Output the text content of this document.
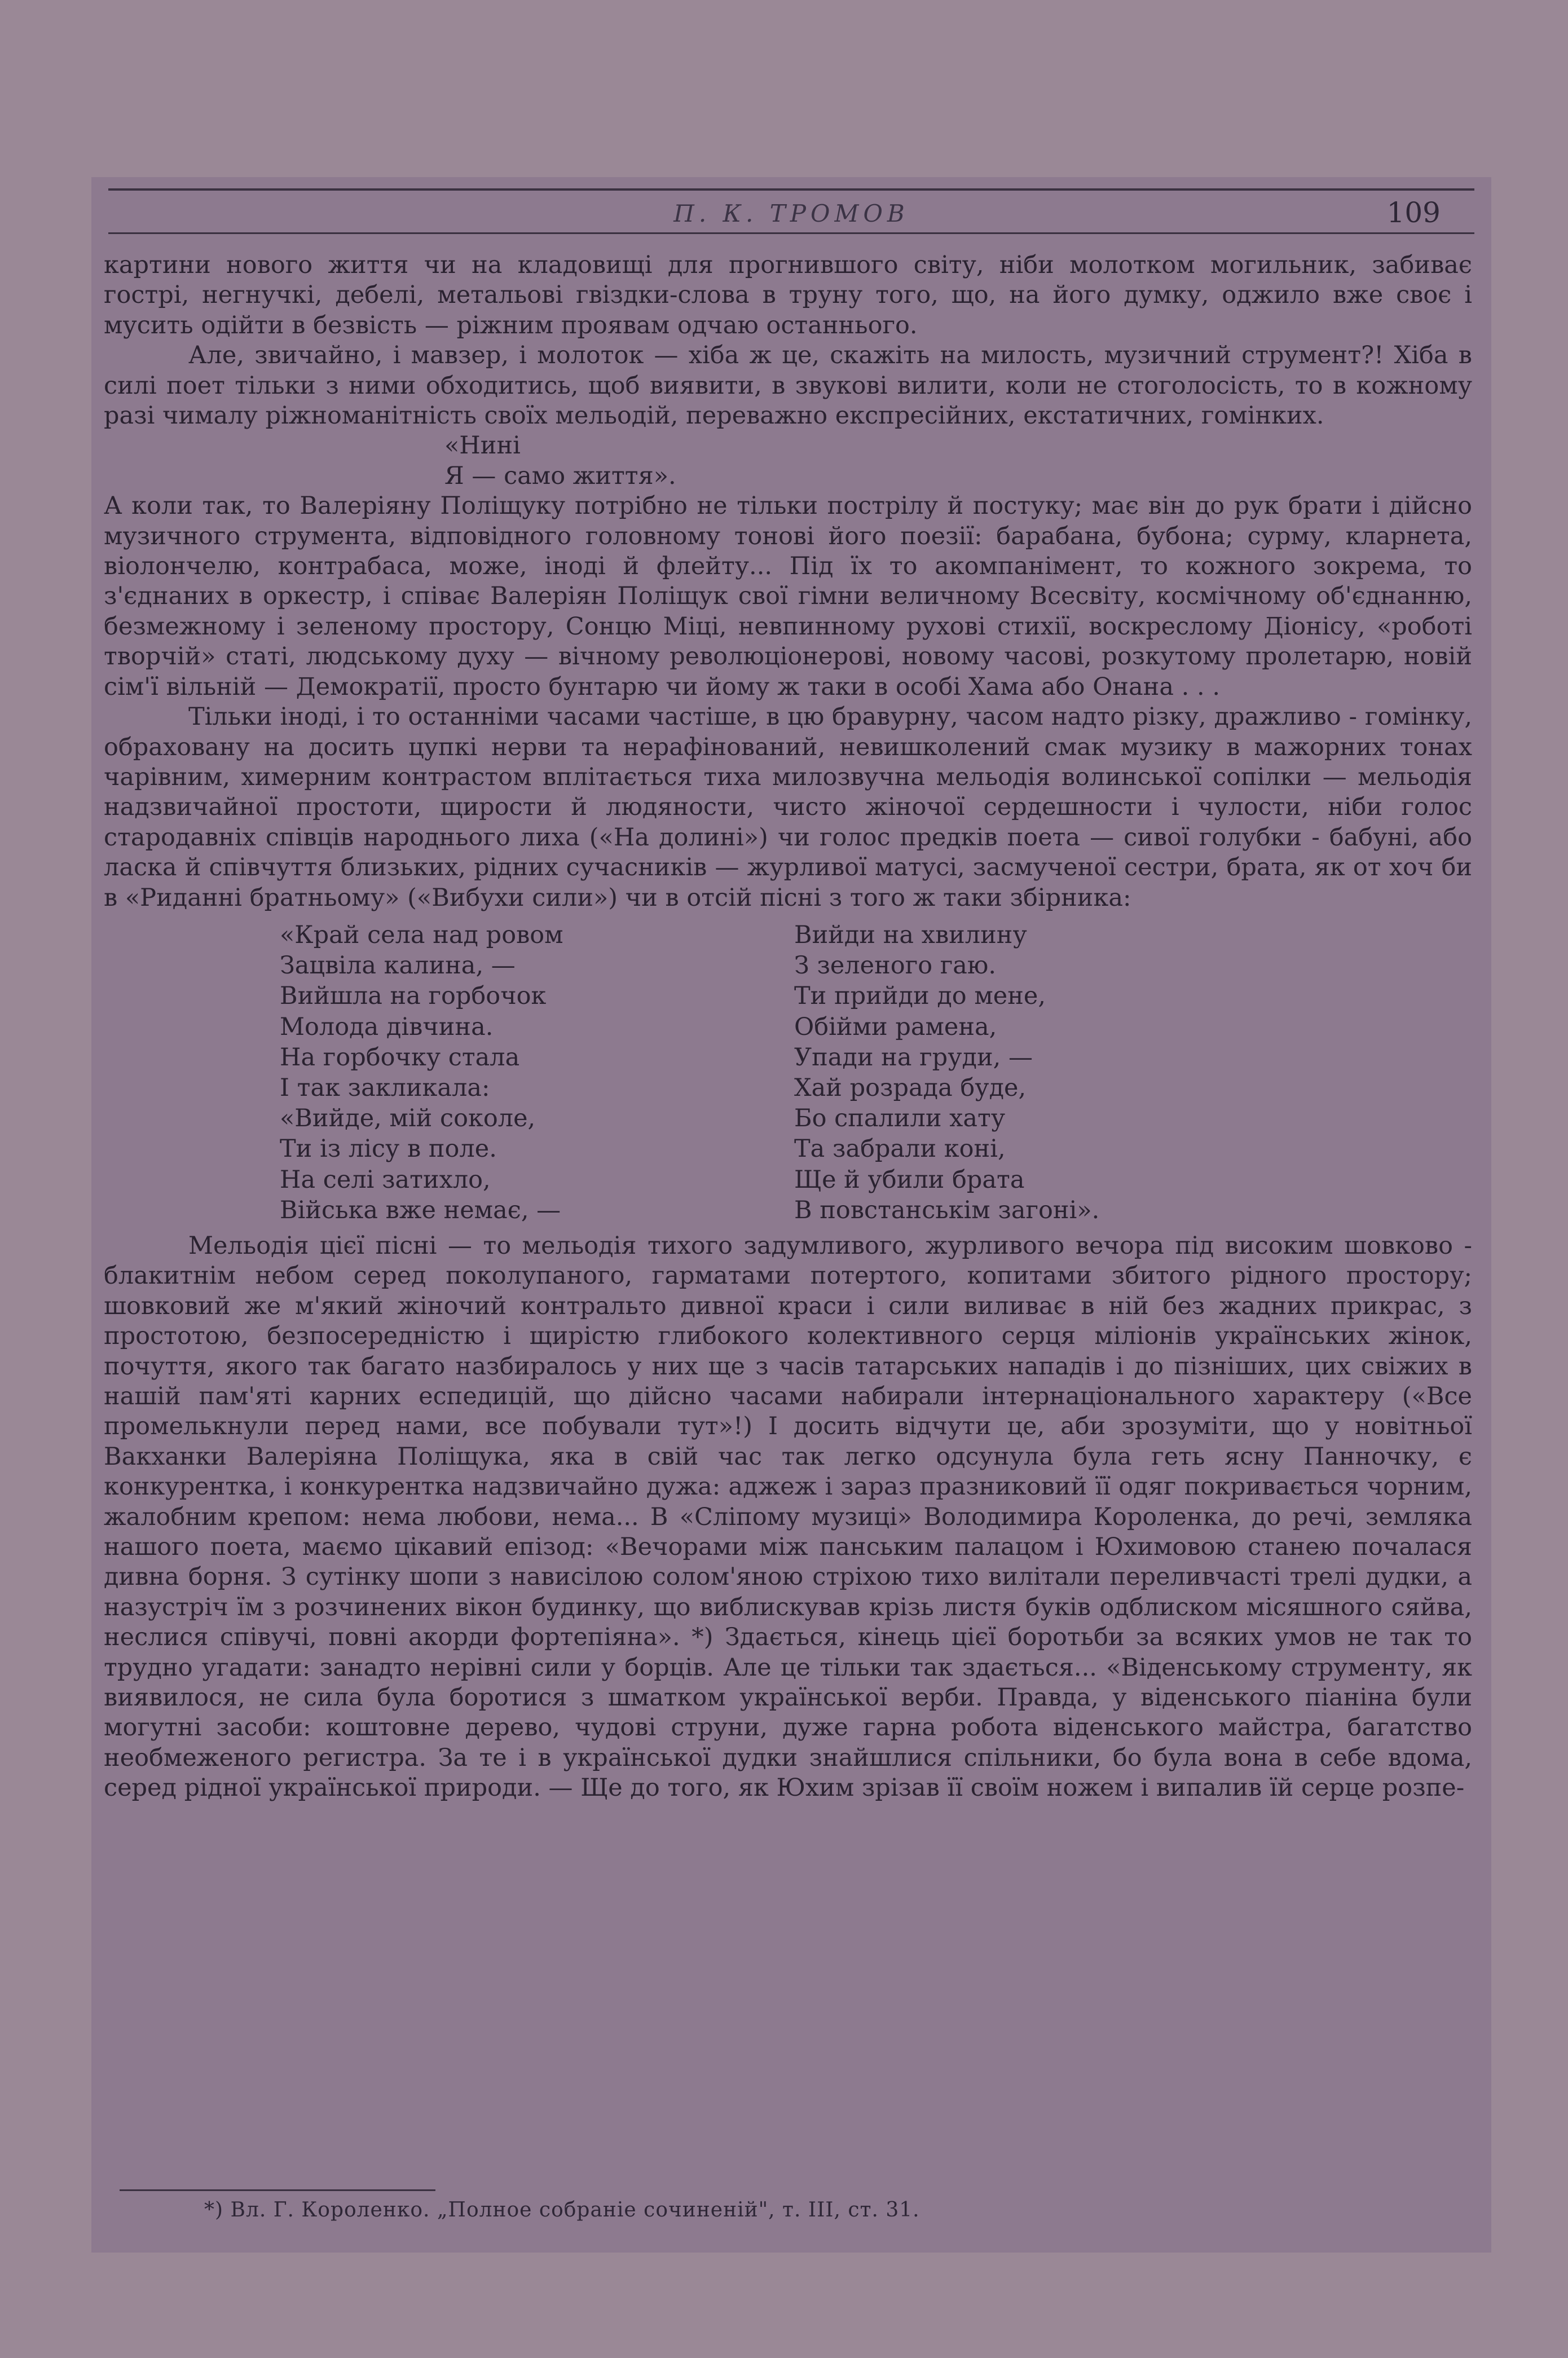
П. К. ТРОМОВ	109

картини нового життя чи на кладовищі для прогнившого світу, ніби молотком могильник, забиває гострі, негнучкі, дебелі, метальові гвіздки-слова в труну того, що, на його думку, оджило вже своє і мусить одійти в безвість — ріжним проявам одчаю останнього.

Але, звичайно, і мавзер, і молоток — хіба ж це, скажіть на милость, музичний струмент?! Хіба в силі поет тільки з ними обходитись, щоб виявити, в звукові вилити, коли не стоголосість, то в кожному разі чималу ріжноманітність своїх мельодій, переважно експресійних, екстатичних, гомінких.

«Нині

Я — само життя».

А коли так, то Валеріяну Поліщуку потрібно не тільки пострілу й постуку; має він до рук брати і дійсно музичного струмента, відповідного головному тонові його поезії: барабана, бубона; сурму, кларнета, віолончелю, контрабаса, може, іноді й флейту... Під їх то акомпанімент, то кожного зокрема, то з'єднаних в оркестр, і співає Валеріян Поліщук свої гімни величному Всесвіту, космічному об'єднанню, безмежному і зеленому простору, Сонцю Міці, невпинному руховi стихії, воскреслому Діонісу, «роботі творчій» статі, людському духу — вічному революціонерові, новому часові, розкутому пролетарю, новій сім'ї вільній — Демократії, просто бунтарю чи йому ж таки в особі Хама або Онана . . .

Тільки іноді, і то останніми часами частіше, в цю бравурну, часом надто різку, дражливо - гомінку, обраховану на досить цупкі нерви та нерафінований, невишколений смак музику в мажорних тонах чарівним, химерним контрастом вплітається тиха милозвучна мельодія волинської сопілки — мельодія надзвичайної простоти, щирости й людяности, чисто жіночої сердешности і чулости, ніби голос стародавніх співців народнього лиха («На долині») чи голос предків поета — сивої голубки - бабуні, або ласка й співчуття близьких, рідних сучасників — журливої матусі, засмученої сестри, брата, як от хоч би в «Риданні братньому» («Вибухи сили») чи в отсій пісні з того ж таки збірника:

«Край села над ровом
Зацвіла калина, —
Вийшла на горбочок
Молода дівчина.
На горбочку стала
І так закликала:
«Вийде, мій соколе,
Ти із лісу в поле.
На селі затихло,
Війська вже немає, —
Вийди на хвилину
З зеленого гаю.
Ти прийди до мене,
Обійми рамена,
Упади на груди, —
Хай розрада буде,
Бо спалили хату
Та забрали коні,
Ще й убили брата
В повстанськім загоні».

Мельодія цієї пісні — то мельодія тихого задумливого, журливого вечора під високим шовково - блакитнім небом серед поколупаного, гарматами потертого, копитами збитого рідного простору; шовковий же м'який жіночий контральто дивної краси і сили виливає в ній без жадних прикрас, з простотою, безпосередністю і щирістю глибокого колективного серця міліонів українських жінок, почуття, якого так багато назбиралось у них ще з часів татарських нападів і до пізніших, цих свіжих в нашій пам'яті карних еспедицій, що дійсно часами набирали інтернаціонального характеру («Все промелькнули перед нами, все побували тут»!) І досить відчути це, аби зрозуміти, що у новітньої Вакханки Валеріяна Поліщука, яка в свій час так легко одсунула була геть ясну Панночку, є конкурентка, і конкурентка надзвичайно дужа: аджеж і зараз празниковий її одяг покривається чорним, жалобним крепом: нема любови, нема... В «Сліпому музиці» Володимира Короленка, до речі, земляка нашого поета, маємо цікавий епізод: «Вечорами між панським палацом і Юхимовою станею почалася дивна борня. З сутінку шопи з нависілою солом'яною стріхою тихо вилітали переливчасті трелі дудки, а назустріч їм з розчинених вікон будинку, що виблискував крізь листя буків одблиском місяшного сяйва, неслися співучі, повні акорди фортепіяна». *) Здається, кінець цієї боротьби за всяких умов не так то трудно угадати: занадто нерівні сили у борців. Але це тільки так здається... «Віденському струменту, як виявилося, не сила була боротися з шматком української верби. Правда, у віденського піаніна були могутні засоби: коштовне дерево, чудові струни, дуже гарна робота віденського майстра, багатство необмеженого регистра. За те і в української дудки знайшлися спільники, бо була вона в себе вдома, серед рідної української природи. — Ще до того, як Юхим зрізав її своїм ножем і випалив їй серце розпе-

*) Вл. Г. Короленко. „Полное собраніе сочиненій", т. III, ст. 31.
